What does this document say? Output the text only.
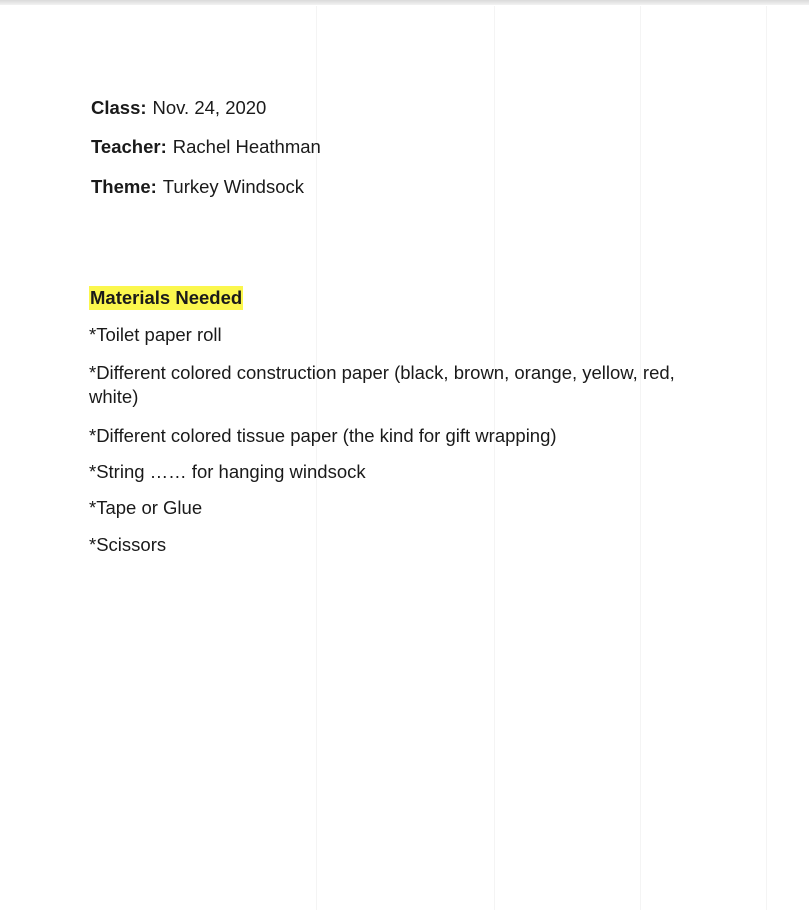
Class: Nov. 24, 2020
Teacher: Rachel Heathman
Theme: Turkey Windsock
Materials Needed
*Toilet paper roll
*Different colored construction paper (black, brown, orange, yellow, red, white)
*Different colored tissue paper (the kind for gift wrapping)
*String …… for hanging windsock
*Tape or Glue
*Scissors
